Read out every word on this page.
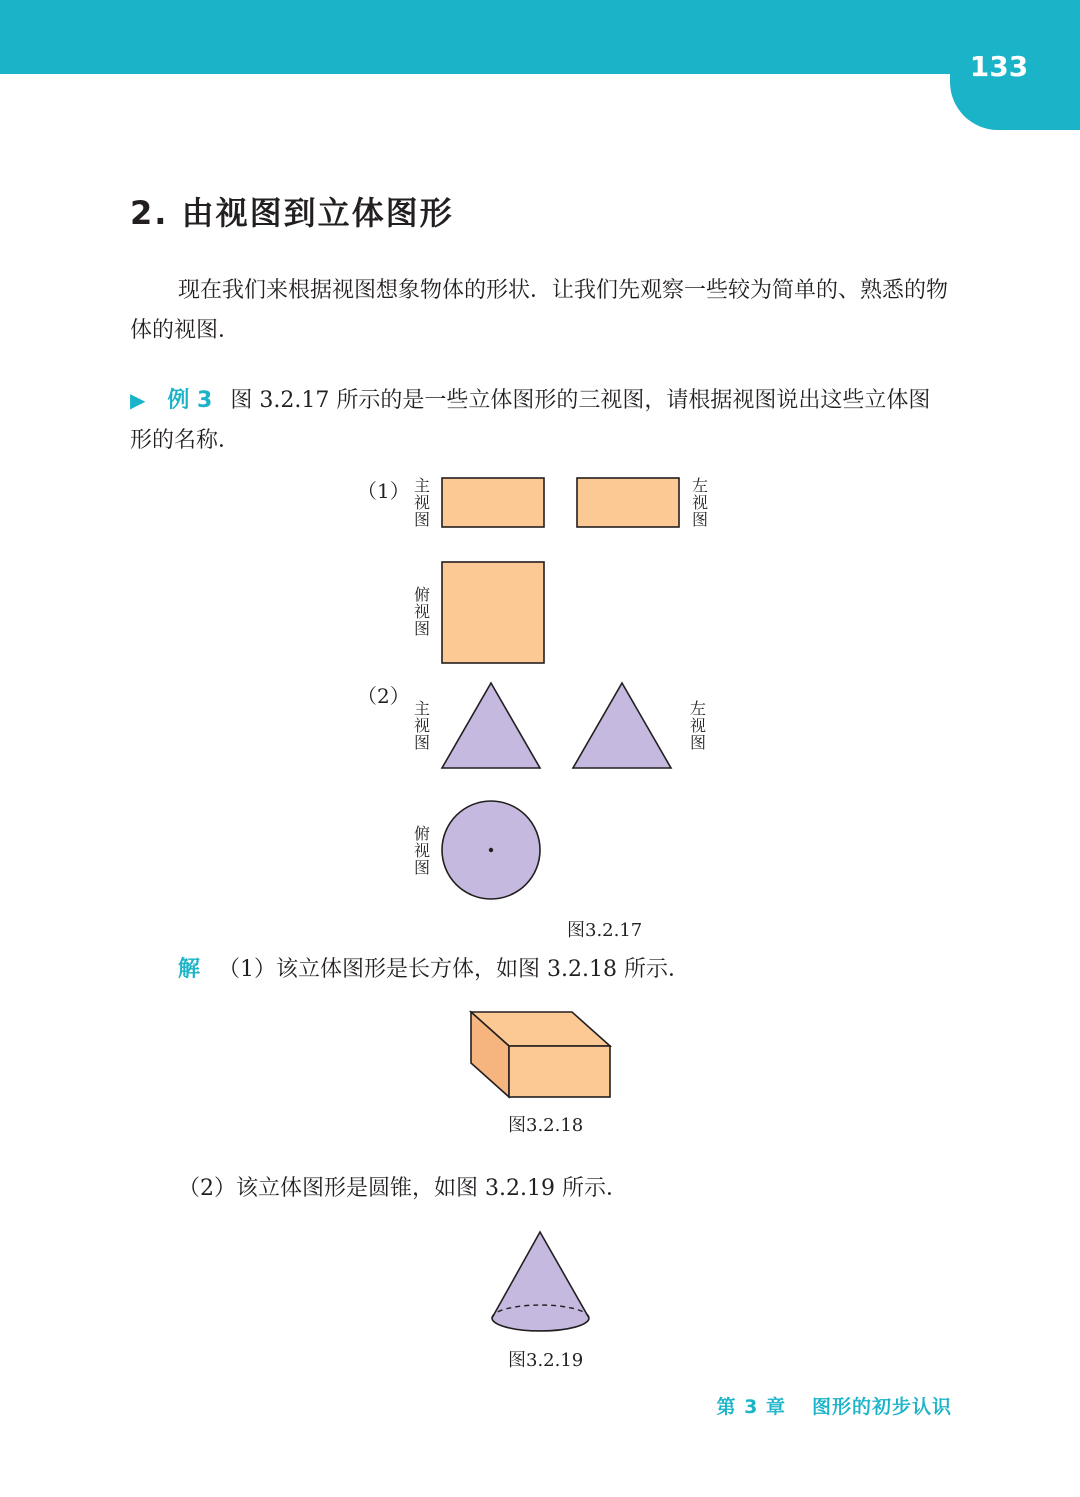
133
2. 由视图到立体图形
现在我们来根据视图想象物体的形状．让我们先观察一些较为简单的、熟悉的物体的视图．
▶ 例 3 图 3.2.17 所示的是一些立体图形的三视图，请根据视图说出这些立体图形的名称．
（1） 主视图
左视图
俯视图
（2）
主视图
左视图
俯视图
图3.2.17
解 （1）该立体图形是长方体，如图 3.2.18 所示．
图3.2.18
（2）该立体图形是圆锥，如图 3.2.19 所示．
图3.2.19
第 3 章 图形的初步认识
